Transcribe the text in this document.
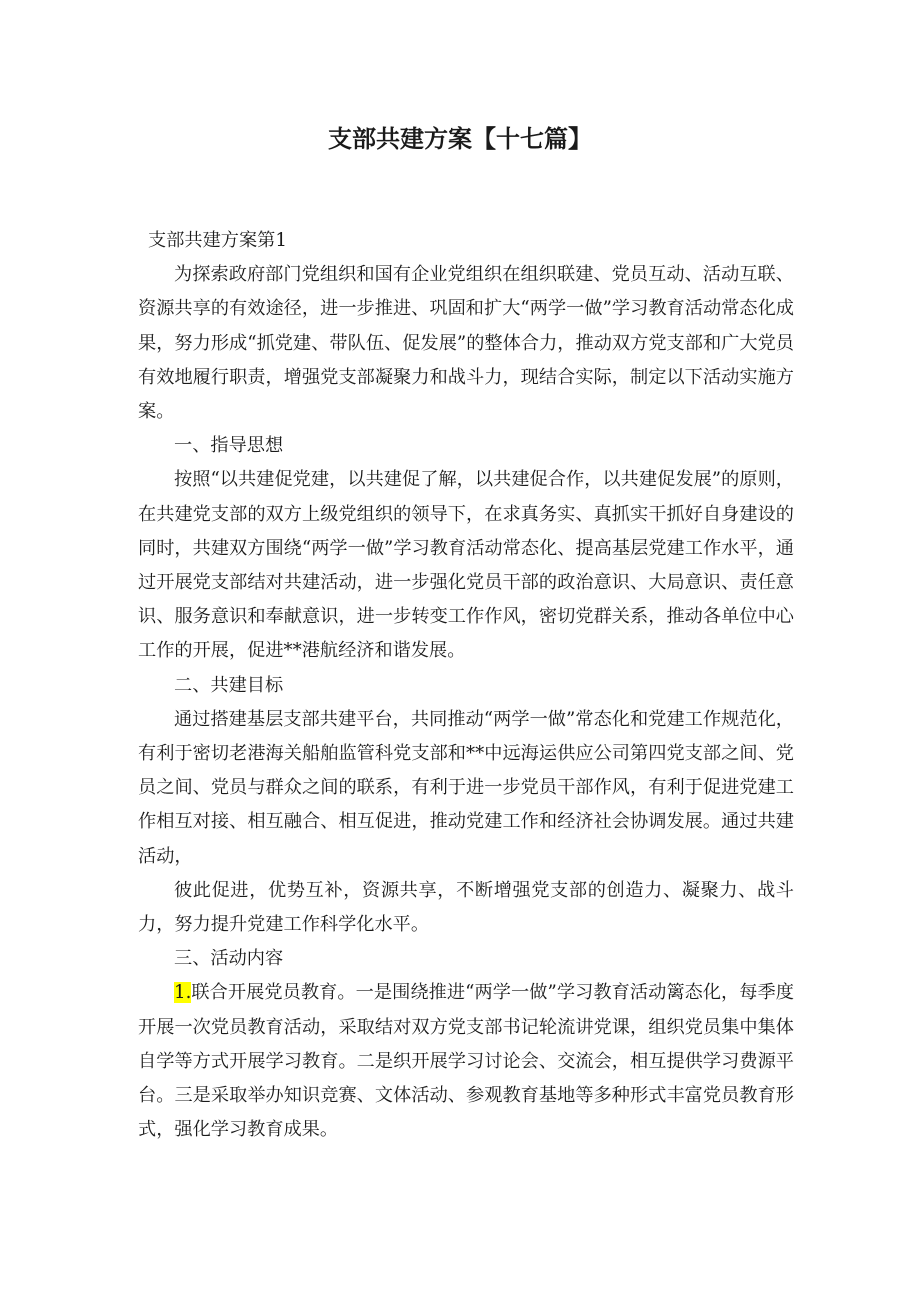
支部共建方案【十七篇】

支部共建方案第1

为探索政府部门党组织和国有企业党组织在组织联建、党员互动、活动互联、资源共享的有效途径，进一步推进、巩固和扩大“两学一做”学习教育活动常态化成果，努力形成“抓党建、带队伍、促发展”的整体合力，推动双方党支部和广大党员有效地履行职责，增强党支部凝聚力和战斗力，现结合实际，制定以下活动实施方案。

一、指导思想

按照“以共建促党建，以共建促了解，以共建促合作，以共建促发展”的原则，在共建党支部的双方上级党组织的领导下，在求真务实、真抓实干抓好自身建设的同时，共建双方围绕“两学一做”学习教育活动常态化、提高基层党建工作水平，通过开展党支部结对共建活动，进一步强化党员干部的政治意识、大局意识、责任意识、服务意识和奉献意识，进一步转变工作作风，密切党群关系，推动各单位中心工作的开展，促进**港航经济和谐发展。

二、共建目标

通过搭建基层支部共建平台，共同推动“两学一做”常态化和党建工作规范化，有利于密切老港海关船舶监管科党支部和**中远海运供应公司第四党支部之间、党员之间、党员与群众之间的联系，有利于进一步党员干部作风，有利于促进党建工作相互对接、相互融合、相互促进，推动党建工作和经济社会协调发展。通过共建活动，

彼此促进，优势互补，资源共享，不断增强党支部的创造力、凝聚力、战斗力，努力提升党建工作科学化水平。

三、活动内容

1.联合开展党员教育。一是围绕推进“两学一做”学习教育活动篱态化，每季度开展一次党员教育活动，采取结对双方党支部书记轮流讲党课，组织党员集中集体自学等方式开展学习教育。二是织开展学习讨论会、交流会，相互提供学习费源平台。三是采取举办知识竞赛、文体活动、参观教育基地等多种形式丰富党员教育形式，强化学习教育成果。
